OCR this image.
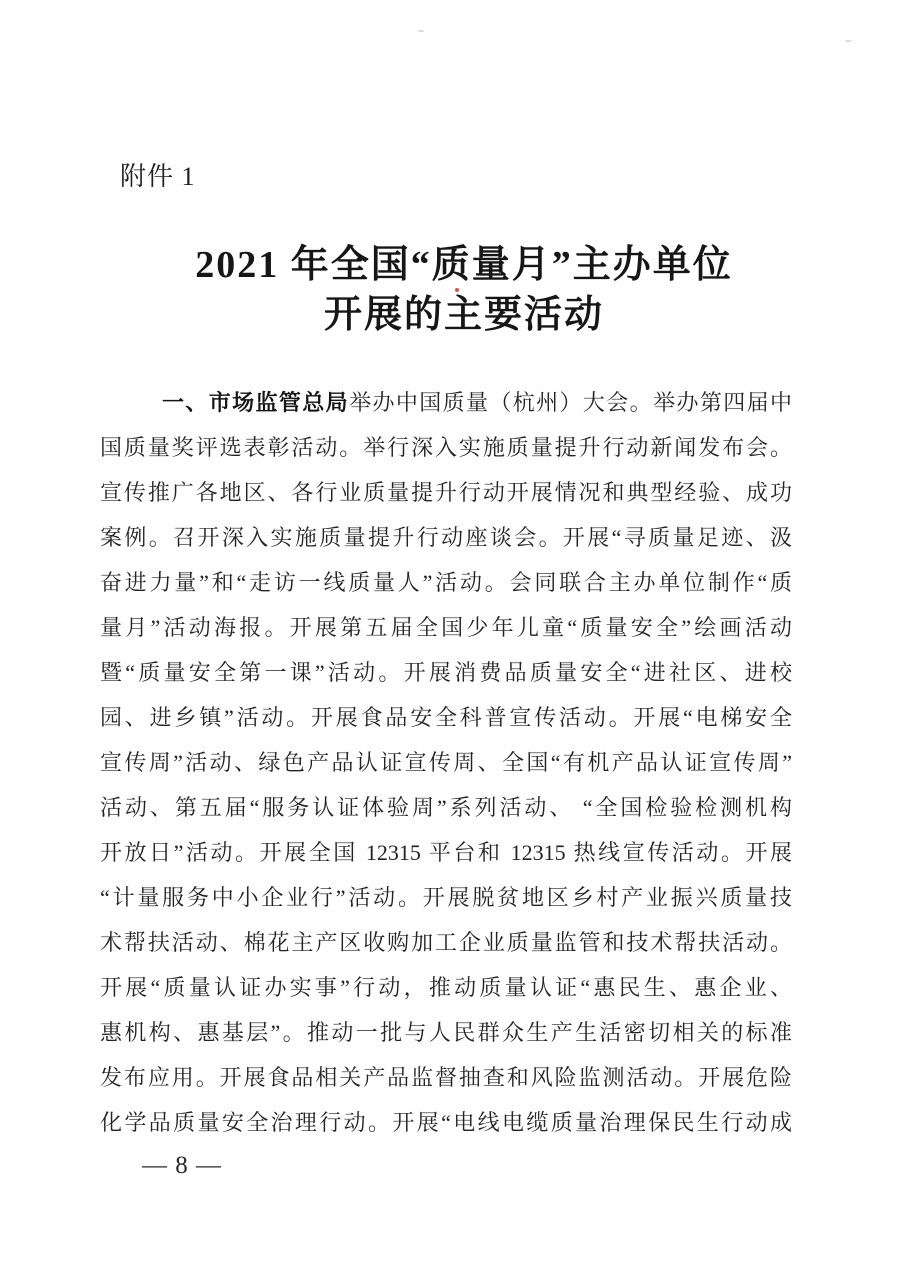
附件 1
2021 年全国“质量月”主办单位
开展的主要活动
一、市场监管总局举办中国质量（杭州）大会。举办第四届中
国质量奖评选表彰活动。举行深入实施质量提升行动新闻发布会。
宣传推广各地区、各行业质量提升行动开展情况和典型经验、成功
案例。召开深入实施质量提升行动座谈会。开展“寻质量足迹、汲
奋进力量”和“走访一线质量人”活动。会同联合主办单位制作“质
量月”活动海报。开展第五届全国少年儿童“质量安全”绘画活动
暨“质量安全第一课”活动。开展消费品质量安全“进社区、进校
园、进乡镇”活动。开展食品安全科普宣传活动。开展“电梯安全
宣传周”活动、绿色产品认证宣传周、全国“有机产品认证宣传周”
活动、第五届“服务认证体验周”系列活动、 “全国检验检测机构
开放日”活动。开展全国 12315 平台和 12315 热线宣传活动。开展
“计量服务中小企业行”活动。开展脱贫地区乡村产业振兴质量技
术帮扶活动、棉花主产区收购加工企业质量监管和技术帮扶活动。
开展“质量认证办实事”行动，推动质量认证“惠民生、惠企业、
惠机构、惠基层”。推动一批与人民群众生产生活密切相关的标准
发布应用。开展食品相关产品监督抽查和风险监测活动。开展危险
化学品质量安全治理行动。开展“电线电缆质量治理保民生行动成
— 8 —
